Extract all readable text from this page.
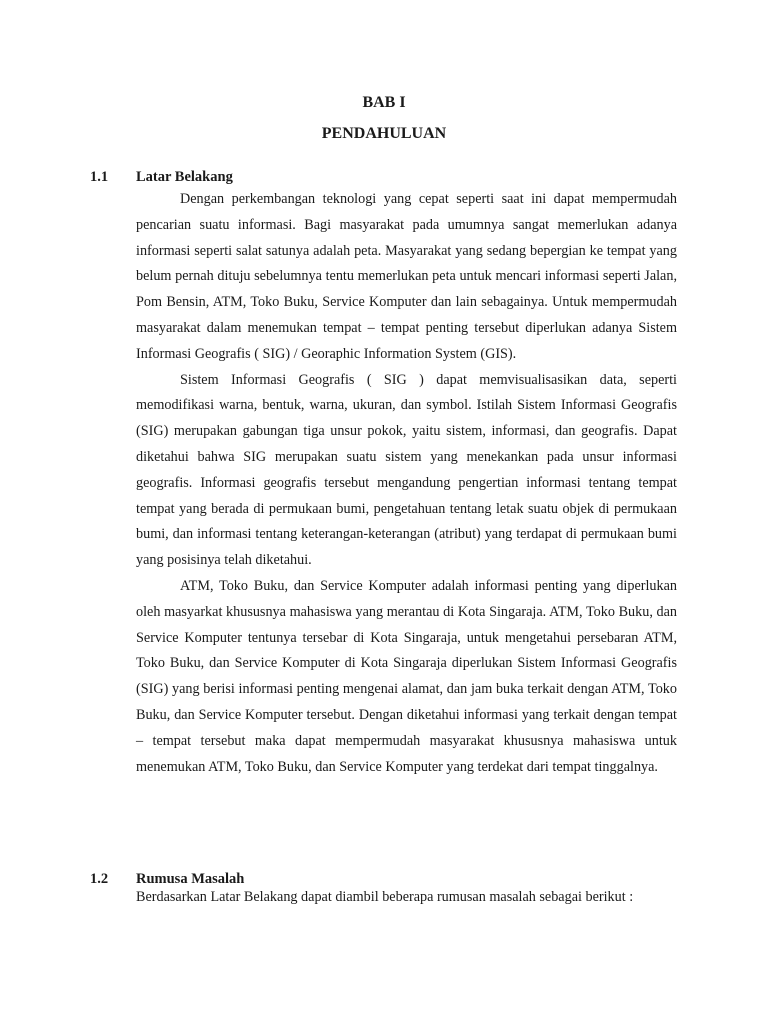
BAB I
PENDAHULUAN
1.1 Latar Belakang

Dengan perkembangan teknologi yang cepat seperti saat ini dapat mempermudah pencarian suatu informasi. Bagi masyarakat pada umumnya sangat memerlukan adanya informasi seperti salat satunya adalah peta. Masyarakat yang sedang bepergian ke tempat yang belum pernah dituju sebelumnya tentu memerlukan peta untuk mencari informasi seperti Jalan, Pom Bensin, ATM, Toko Buku, Service Komputer dan lain sebagainya. Untuk mempermudah masyarakat dalam menemukan tempat – tempat penting tersebut diperlukan adanya Sistem Informasi Geografis ( SIG) / Georaphic Information System (GIS).

Sistem Informasi Geografis ( SIG ) dapat memvisualisasikan data, seperti memodifikasi warna, bentuk, warna, ukuran, dan symbol. Istilah Sistem Informasi Geografis (SIG) merupakan gabungan tiga unsur pokok, yaitu sistem, informasi, dan geografis. Dapat diketahui bahwa SIG merupakan suatu sistem yang menekankan pada unsur informasi geografis. Informasi geografis tersebut mengandung pengertian informasi tentang tempat tempat yang berada di permukaan bumi, pengetahuan tentang letak suatu objek di permukaan bumi, dan informasi tentang keterangan-keterangan (atribut) yang terdapat di permukaan bumi yang posisinya telah diketahui.

ATM, Toko Buku, dan Service Komputer adalah informasi penting yang diperlukan oleh masyarkat khususnya mahasiswa yang merantau di Kota Singaraja. ATM, Toko Buku, dan Service Komputer tentunya tersebar di Kota Singaraja, untuk mengetahui persebaran ATM, Toko Buku, dan Service Komputer di Kota Singaraja diperlukan Sistem Informasi Geografis (SIG) yang berisi informasi penting mengenai alamat, dan jam buka terkait dengan ATM, Toko Buku, dan Service Komputer tersebut. Dengan diketahui informasi yang terkait dengan tempat – tempat tersebut maka dapat mempermudah masyarakat khususnya mahasiswa untuk menemukan ATM, Toko Buku, dan Service Komputer yang terdekat dari tempat tinggalnya.

1.2 Rumusa Masalah

Berdasarkan Latar Belakang dapat diambil beberapa rumusan masalah sebagai berikut :
